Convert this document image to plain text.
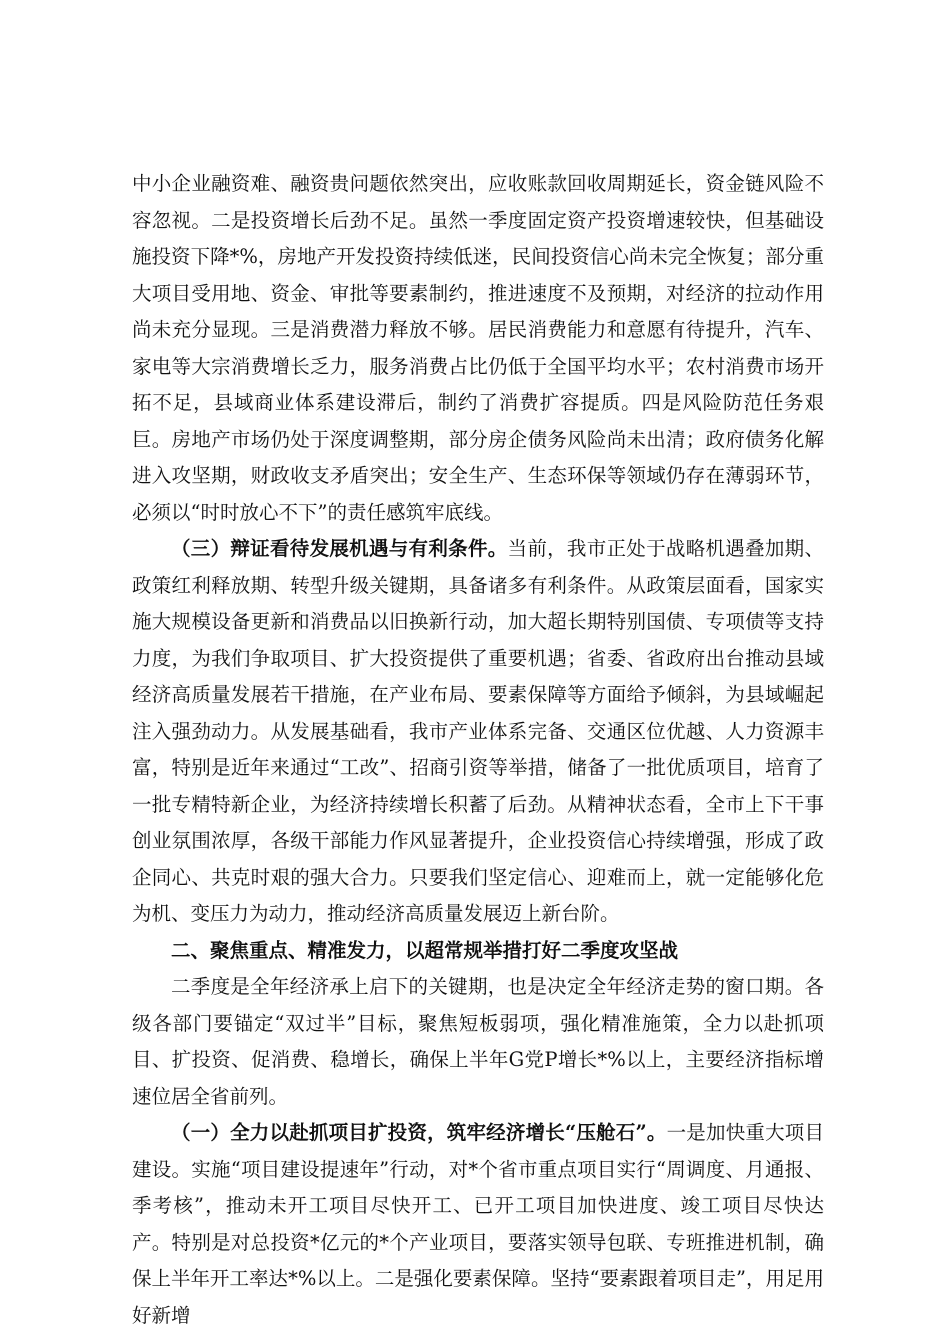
中小企业融资难、融资贵问题依然突出，应收账款回收周期延长，资金链风险不容忽视。二是投资增长后劲不足。虽然一季度固定资产投资增速较快，但基础设施投资下降*%，房地产开发投资持续低迷，民间投资信心尚未完全恢复；部分重大项目受用地、资金、审批等要素制约，推进速度不及预期，对经济的拉动作用尚未充分显现。三是消费潜力释放不够。居民消费能力和意愿有待提升，汽车、家电等大宗消费增长乏力，服务消费占比仍低于全国平均水平；农村消费市场开拓不足，县域商业体系建设滞后，制约了消费扩容提质。四是风险防范任务艰巨。房地产市场仍处于深度调整期，部分房企债务风险尚未出清；政府债务化解进入攻坚期，财政收支矛盾突出；安全生产、生态环保等领域仍存在薄弱环节，必须以“时时放心不下”的责任感筑牢底线。

（三）辩证看待发展机遇与有利条件。当前，我市正处于战略机遇叠加期、政策红利释放期、转型升级关键期，具备诸多有利条件。从政策层面看，国家实施大规模设备更新和消费品以旧换新行动，加大超长期特别国债、专项债等支持力度，为我们争取项目、扩大投资提供了重要机遇；省委、省政府出台推动县域经济高质量发展若干措施，在产业布局、要素保障等方面给予倾斜，为县域崛起注入强劲动力。从发展基础看，我市产业体系完备、交通区位优越、人力资源丰富，特别是近年来通过“工改”、招商引资等举措，储备了一批优质项目，培育了一批专精特新企业，为经济持续增长积蓄了后劲。从精神状态看，全市上下干事创业氛围浓厚，各级干部能力作风显著提升，企业投资信心持续增强，形成了政企同心、共克时艰的强大合力。只要我们坚定信心、迎难而上，就一定能够化危为机、变压力为动力，推动经济高质量发展迈上新台阶。

二、聚焦重点、精准发力，以超常规举措打好二季度攻坚战

二季度是全年经济承上启下的关键期，也是决定全年经济走势的窗口期。各级各部门要锚定“双过半”目标，聚焦短板弱项，强化精准施策，全力以赴抓项目、扩投资、促消费、稳增长，确保上半年G党P增长*%以上，主要经济指标增速位居全省前列。

（一）全力以赴抓项目扩投资，筑牢经济增长“压舱石”。一是加快重大项目建设。实施“项目建设提速年”行动，对*个省市重点项目实行“周调度、月通报、季考核”，推动未开工项目尽快开工、已开工项目加快进度、竣工项目尽快达产。特别是对总投资*亿元的*个产业项目，要落实领导包联、专班推进机制，确保上半年开工率达*%以上。二是强化要素保障。坚持“要素跟着项目走”，用足用好新增
